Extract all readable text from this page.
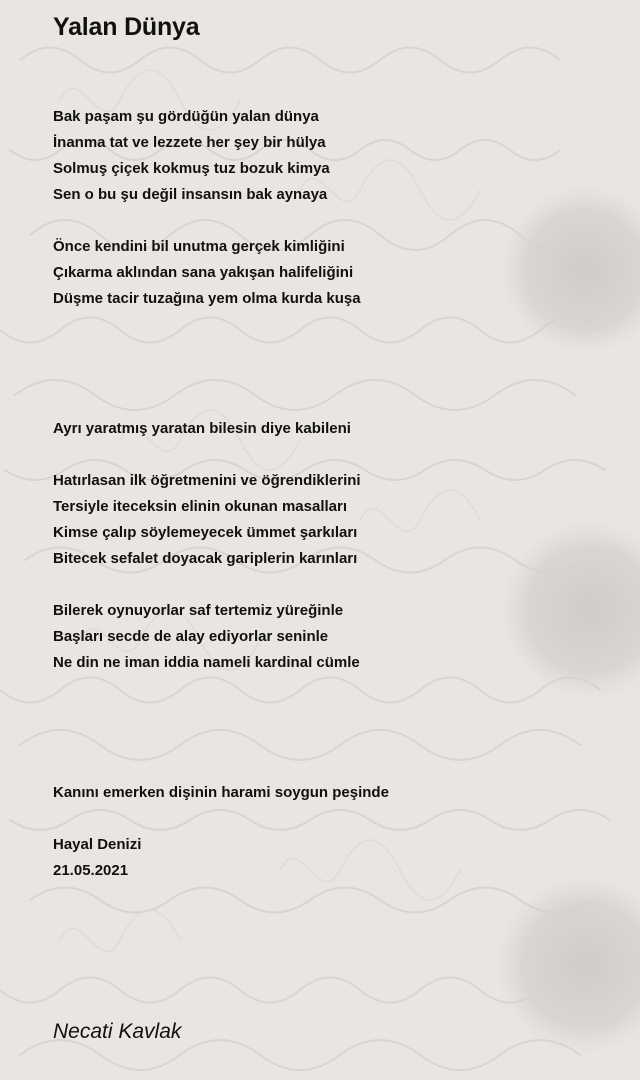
Yalan Dünya
Bak paşam şu gördüğün yalan dünya
İnanma tat ve lezzete her şey bir hülya
Solmuş çiçek kokmuş tuz bozuk kimya
Sen o bu şu değil insansın bak aynaya
Önce kendini bil unutma gerçek kimliğini
Çıkarma aklından sana yakışan halifeliğini
Düşme tacir tuzağına yem olma kurda kuşa
Ayrı yaratmış yaratan bilesin diye kabileni
Hatırlasan ilk öğretmenini ve öğrendiklerini
Tersiyle iteceksin elinin okunan masalları
Kimse çalıp söylemeyecek ümmet şarkıları
Bitecek sefalet doyacak gariplerin karınları
Bilerek oynuyorlar saf tertemiz yüreğinle
Başları secde de alay ediyorlar seninle
Ne din ne iman iddia nameli kardinal cümle
Kanını emerken dişinin harami soygun peşinde
Hayal Denizi
21.05.2021
Necati Kavlak
